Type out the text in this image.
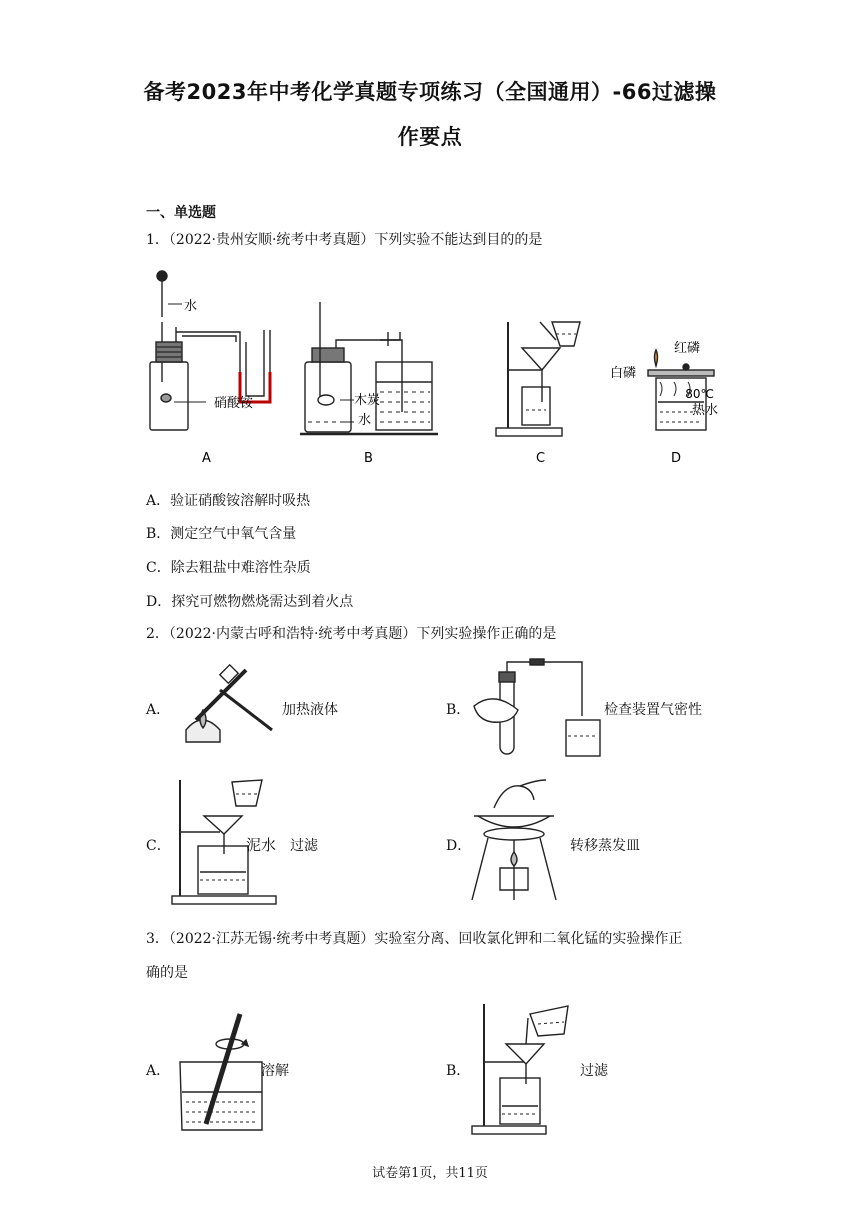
备考2023年中考化学真题专项练习（全国通用）-66过滤操
作要点
一、单选题
1．（2022·贵州安顺·统考中考真题）下列实验不能达到目的的是
水
硝酸铵
A
木炭
水
B	C
红磷
白磷
80℃
热水
D
A．验证硝酸铵溶解时吸热
B．测定空气中氧气含量
C．除去粗盐中难溶性杂质
D．探究可燃物燃烧需达到着火点
2．（2022·内蒙古呼和浩特·统考中考真题）下列实验操作正确的是
A．	加热液体	B．	检查装置气密性
C．	泥水 过滤	D．	转移蒸发皿
3．（2022·江苏无锡·统考中考真题）实验室分离、回收氯化钾和二氧化锰的实验操作正
确的是
A．	溶解	B．	过滤
试卷第1页，共11页
